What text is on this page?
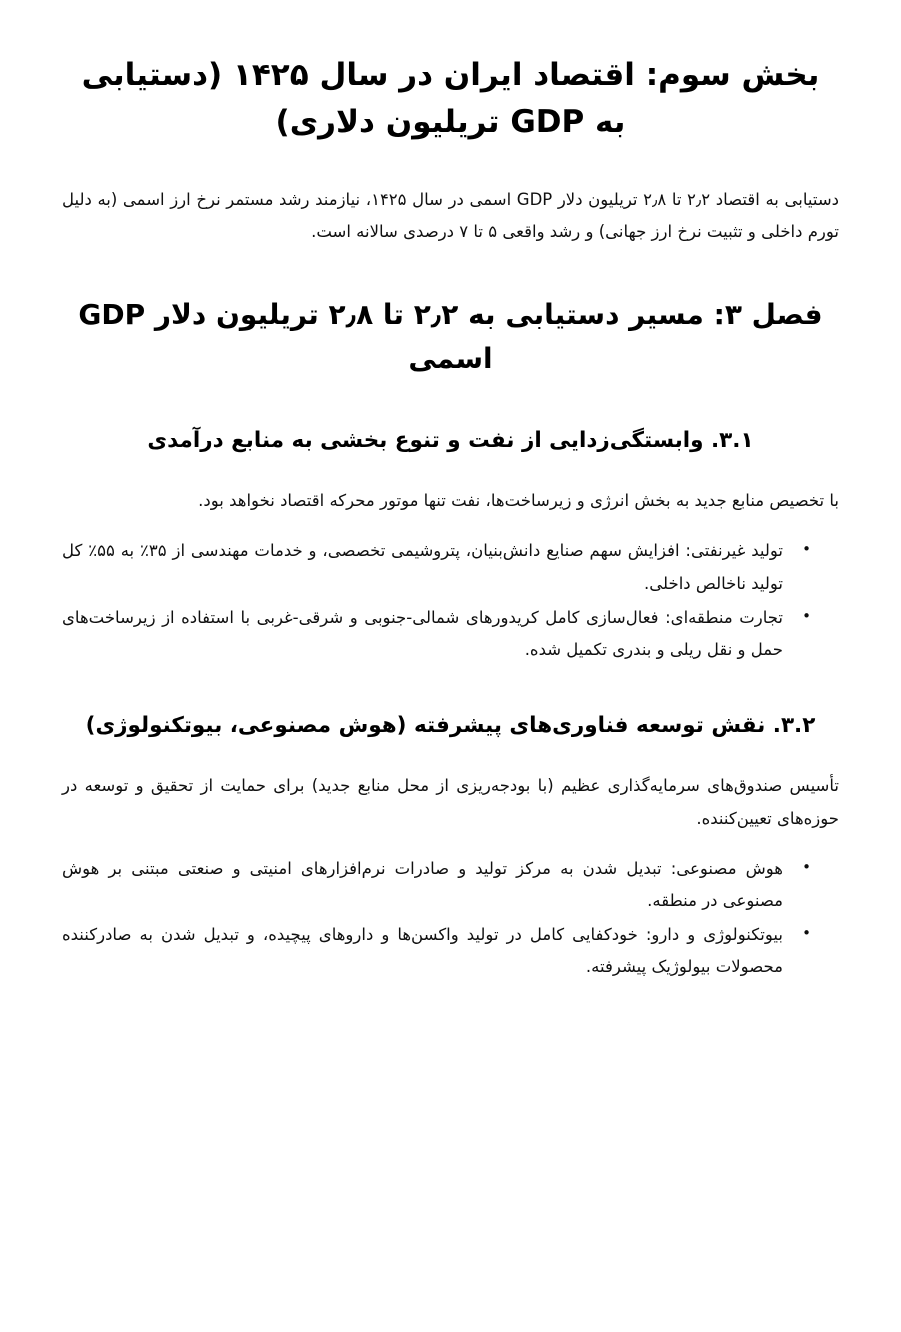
بخش سوم: اقتصاد ایران در سال ۱۴۲۵ (دستیابی به GDP تریلیون دلاری)

دستیابی به اقتصاد ۲٫۲ تا ۲٫۸ تریلیون دلار GDP اسمی در سال ۱۴۲۵، نیازمند رشد مستمر نرخ ارز اسمی (به دلیل تورم داخلی و تثبیت نرخ ارز جهانی) و رشد واقعی ۵ تا ۷ درصدی سالانه است.

فصل ۳: مسیر دستیابی به ۲٫۲ تا ۲٫۸ تریلیون دلار GDP اسمی
۳.۱. وابستگی‌زدایی از نفت و تنوع بخشی به منابع درآمدی

با تخصیص منابع جدید به بخش انرژی و زیرساخت‌ها، نفت تنها موتور محرکه اقتصاد نخواهد بود.

•
تولید غیرنفتی: افزایش سهم صنایع دانش‌بنیان، پتروشیمی تخصصی، و خدمات مهندسی از ۳۵٪ به ۵۵٪ کل تولید ناخالص داخلی.
•
تجارت منطقه‌ای: فعال‌سازی کامل کریدورهای شمالی-جنوبی و شرقی-غربی با استفاده از زیرساخت‌های حمل و نقل ریلی و بندری تکمیل شده.
۳.۲. نقش توسعه فناوری‌های پیشرفته (هوش مصنوعی، بیوتکنولوژی)

تأسیس صندوق‌های سرمایه‌گذاری عظیم (با بودجه‌ریزی از محل منابع جدید) برای حمایت از تحقیق و توسعه در حوزه‌های تعیین‌کننده.

•
هوش مصنوعی: تبدیل شدن به مرکز تولید و صادرات نرم‌افزارهای امنیتی و صنعتی مبتنی بر هوش مصنوعی در منطقه.
•
بیوتکنولوژی و دارو: خودکفایی کامل در تولید واکسن‌ها و داروهای پیچیده، و تبدیل شدن به صادرکننده محصولات بیولوژیک پیشرفته.
